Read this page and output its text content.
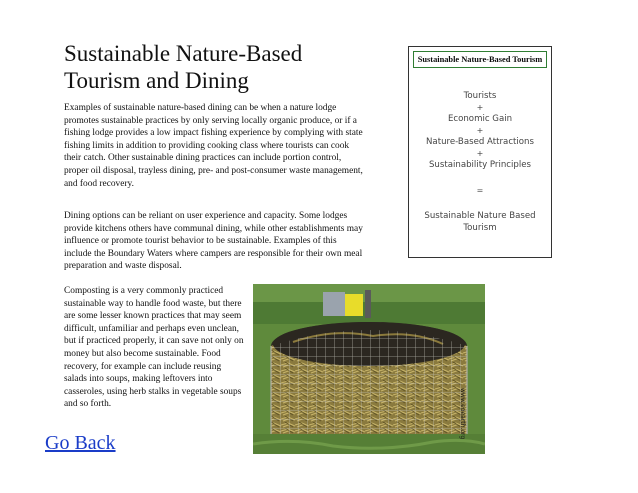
Sustainable Nature-Based
Tourism and Dining

Examples of sustainable nature-based dining can be when a nature lodge promotes sustainable practices by only serving locally organic produce, or if a fishing lodge provides a low impact fishing experience by complying with state fishing limits in addition to providing cooking class where tourists can cook their catch. Other sustainable dining practices can include portion control, proper oil disposal, trayless dining, pre- and post-consumer waste management, and food recovery.

Dining options can be reliant on user experience and capacity. Some lodges provide kitchens others have communal dining, while other establishments may influence or promote tourist behavior to be sustainable. Examples of this include the Boundary Waters where campers are responsible for their own meal preparation and waste disposal.

Composting is a very commonly practiced sustainable way to handle food waste, but there are some lesser known practices that may seem difficult, unfamiliar and perhaps even unclean, but if practiced properly, it can save not only on money but also become sustainable. Food recovery, for example can include reusing salads into soups, making leftovers into casseroles, using herb stalks in vegetable soups and so forth.

Sustainable Nature-Based Tourism
Tourists
+
Economic Gain
+
Nature-Based Attractions
+
Sustainability Principles
=
Sustainable Nature Based
Tourism
www.eoearth.org
Go Back
